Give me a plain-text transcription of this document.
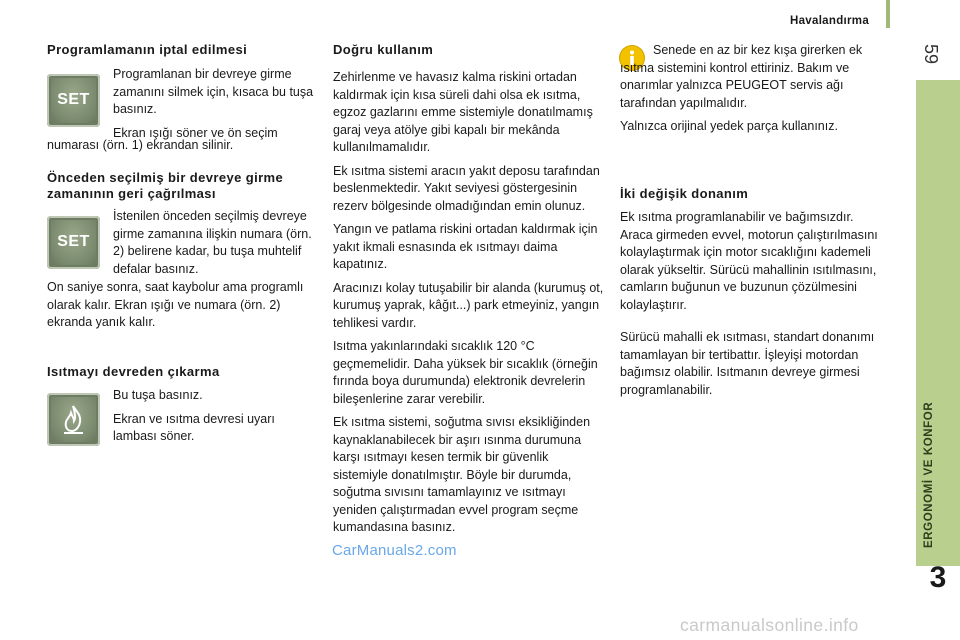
Havalandırma
59
Programlamanın iptal edilmesi
SET

Programlanan bir devreye girme zamanını silmek için, kısaca bu tuşa basınız.

Ekran ışığı söner ve ön seçim

numarası (örn. 1) ekrandan silinir.

Önceden seçilmiş bir devreye girme
zamanının geri çağrılması
SET

İstenilen önceden seçilmiş devreye girme zamanına ilişkin numara (örn. 2) belirene kadar, bu tuşa muhtelif defalar basınız.

On saniye sonra, saat kaybolur ama programlı olarak kalır. Ekran ışığı ve numara (örn. 2) ekranda yanık kalır.

Isıtmayı devreden çıkarma

Bu tuşa basınız.

Ekran ve ısıtma devresi uyarı lambası söner.

Doğru kullanım

Zehirlenme ve havasız kalma riskini ortadan kaldırmak için kısa süreli dahi olsa ek ısıtma, egzoz gazlarını emme sistemiyle donatılmamış garaj veya atölye gibi kapalı bir mekânda kullanılmamalıdır.

Ek ısıtma sistemi aracın yakıt deposu tarafından beslenmektedir. Yakıt seviyesi göstergesinin rezerv bölgesinde olmadığından emin olunuz.

Yangın ve patlama riskini ortadan kaldırmak için yakıt ikmali esnasında ek ısıtmayı daima kapatınız.

Aracınızı kolay tutuşabilir bir alanda (kurumuş ot, kurumuş yaprak, kâğıt...) park etmeyiniz, yangın tehlikesi vardır.

Isıtma yakınlarındaki sıcaklık 120 °C geçmemelidir. Daha yüksek bir sıcaklık (örneğin fırında boya durumunda) elektronik devrelerin bileşenlerine zarar verebilir.

Ek ısıtma sistemi, soğutma sıvısı eksikliğinden kaynaklanabilecek bir aşırı ısınma durumuna karşı ısıtmayı kesen termik bir güvenlik sistemiyle donatılmıştır. Böyle bir durumda, soğutma sıvısını tamamlayınız ve ısıtmayı yeniden çalıştırmadan evvel program seçme kumandasına basınız.

Senede en az bir kez kışa girerken ek ısıtma sistemini kontrol ettiriniz. Bakım ve onarımlar yalnızca PEUGEOT servis ağı tarafından yapılmalıdır.

Yalnızca orijinal yedek parça kullanınız.

İki değişik donanım

Ek ısıtma programlanabilir ve bağımsızdır. Araca girmeden evvel, motorun çalıştırılmasını kolaylaştırmak için motor sıcaklığını kademeli olarak yükseltir. Sürücü mahallinin ısıtılmasını, camların buğunun ve buzunun çözülmesini kolaylaştırır.

Sürücü mahalli ek ısıtması, standart donanımı tamamlayan bir tertibattır. İşleyişi motordan bağımsız olabilir. Isıtmanın devreye girmesi programlanabilir.

ERGONOMİ VE KONFOR
3
CarManuals2.com
carmanualsonline.info
